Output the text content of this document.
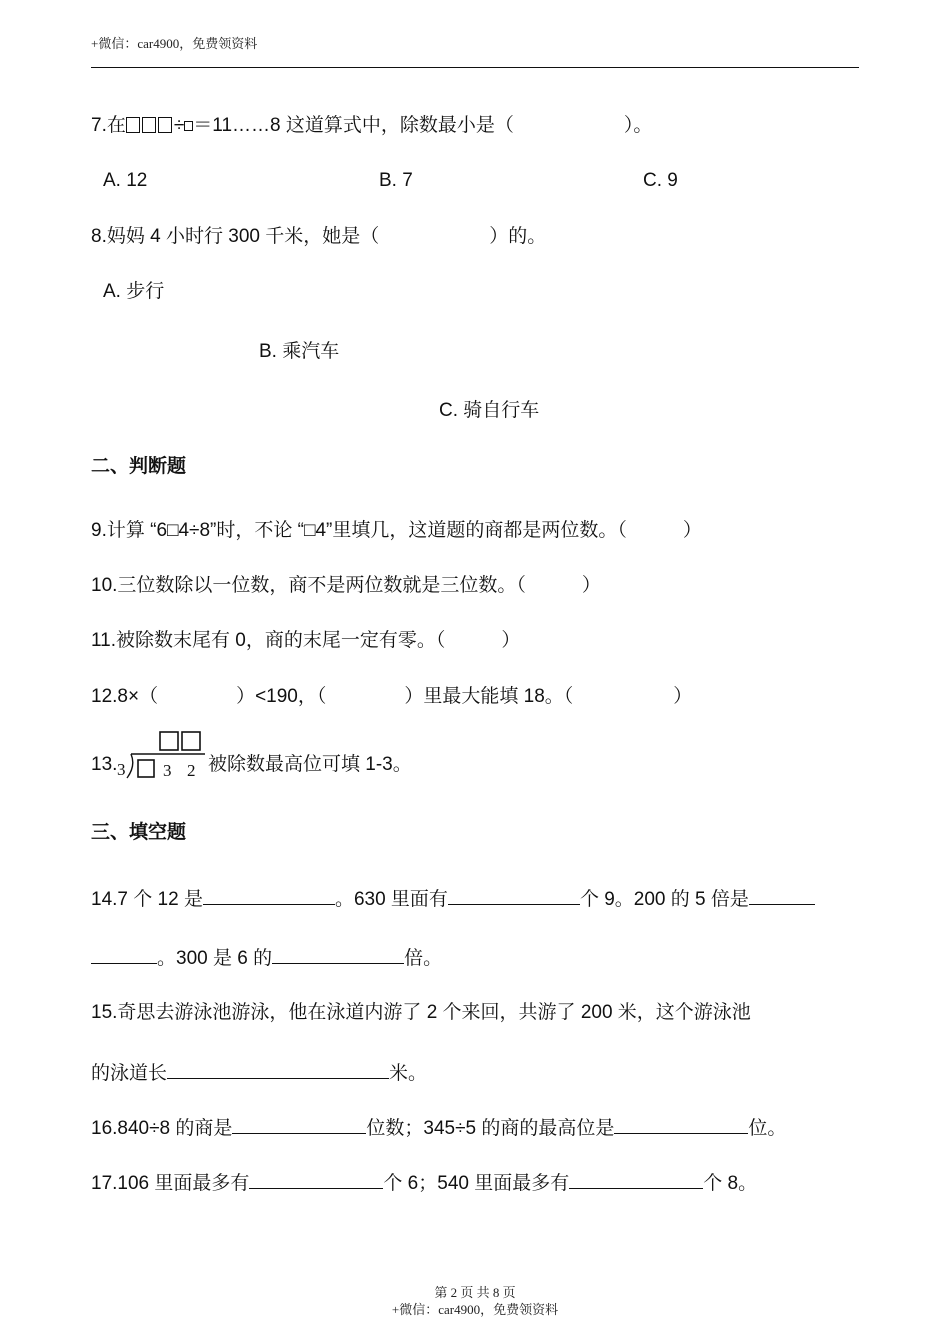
+微信：car4900，免费领资料
7.在	÷ ＝11……8 这道算式中，除数最小是（	）。
A. 12	B. 7	C. 9
8.妈妈 4 小时行 300 千米，她是（	）的。
A. 步行
B. 乘汽车
C. 骑自行车
二、判断题
9.计算 “6□4÷8”时，不论 “□4”里填几，这道题的商都是两位数。（	）
10.三位数除以一位数，商不是两位数就是三位数。（	）
11.被除数末尾有 0，商的末尾一定有零。（	）
12.8×（	）<190，（	）里最大能填 18。（	）
13. 3 3 2 被除数最高位可填 1-3。
三、填空题
14.7 个 12 是	。630 里面有	个 9。200 的 5 倍是
。300 是 6 的	倍。
15.奇思去游泳池游泳，他在泳道内游了 2 个来回，共游了 200 米，这个游泳池
的泳道长	米。
16.840÷8 的商是	位数；345÷5 的商的最高位是	位。
17.106 里面最多有	个 6；540 里面最多有	个 8。
第 2 页 共 8 页
+微信：car4900，免费领资料
